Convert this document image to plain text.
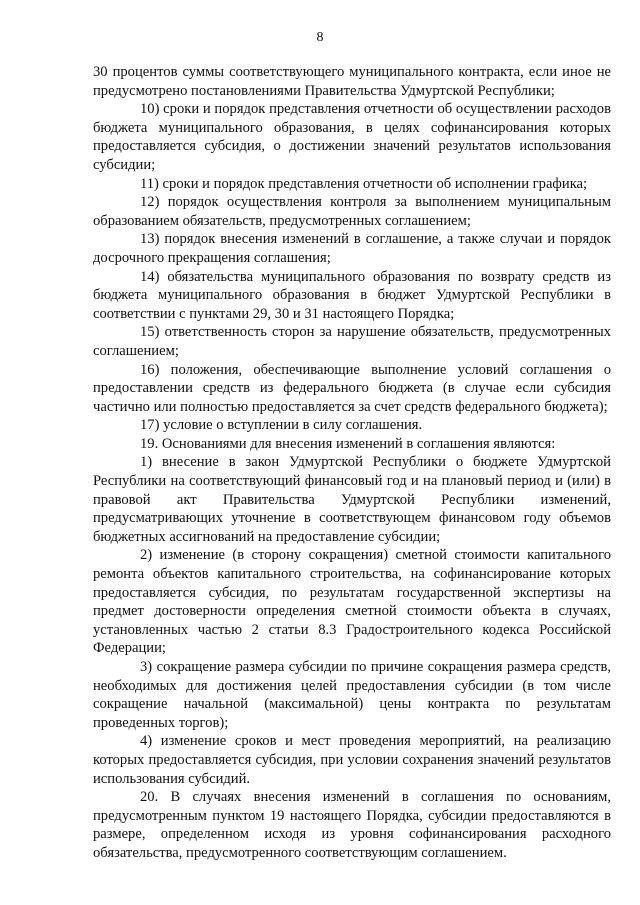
8

30 процентов суммы соответствующего муниципального контракта, если иное не предусмотрено постановлениями Правительства Удмуртской Республики;

10) сроки и порядок представления отчетности об осуществлении расходов бюджета муниципального образования, в целях софинансирования которых предоставляется субсидия, о достижении значений результатов использования субсидии;

11) сроки и порядок представления отчетности об исполнении графика;

12) порядок осуществления контроля за выполнением муниципальным образованием обязательств, предусмотренных соглашением;

13) порядок внесения изменений в соглашение, а также случаи и порядок досрочного прекращения соглашения;

14) обязательства муниципального образования по возврату средств из бюджета муниципального образования в бюджет Удмуртской Республики в соответствии с пунктами 29, 30 и 31 настоящего Порядка;

15) ответственность сторон за нарушение обязательств, предусмотренных соглашением;

16) положения, обеспечивающие выполнение условий соглашения о предоставлении средств из федерального бюджета (в случае если субсидия частично или полностью предоставляется за счет средств федерального бюджета);

17) условие о вступлении в силу соглашения.

19. Основаниями для внесения изменений в соглашения являются:

1) внесение в закон Удмуртской Республики о бюджете Удмуртской Республики на соответствующий финансовый год и на плановый период и (или) в правовой акт Правительства Удмуртской Республики изменений, предусматривающих уточнение в соответствующем финансовом году объемов бюджетных ассигнований на предоставление субсидии;

2) изменение (в сторону сокращения) сметной стоимости капитального ремонта объектов капитального строительства, на софинансирование которых предоставляется субсидия, по результатам государственной экспертизы на предмет достоверности определения сметной стоимости объекта в случаях, установленных частью 2 статьи 8.3 Градостроительного кодекса Российской Федерации;

3) сокращение размера субсидии по причине сокращения размера средств, необходимых для достижения целей предоставления субсидии (в том числе сокращение начальной (максимальной) цены контракта по результатам проведенных торгов);

4) изменение сроков и мест проведения мероприятий, на реализацию которых предоставляется субсидия, при условии сохранения значений результатов использования субсидий.

20. В случаях внесения изменений в соглашения по основаниям, предусмотренным пунктом 19 настоящего Порядка, субсидии предоставляются в размере, определенном исходя из уровня софинансирования расходного обязательства, предусмотренного соответствующим соглашением.
